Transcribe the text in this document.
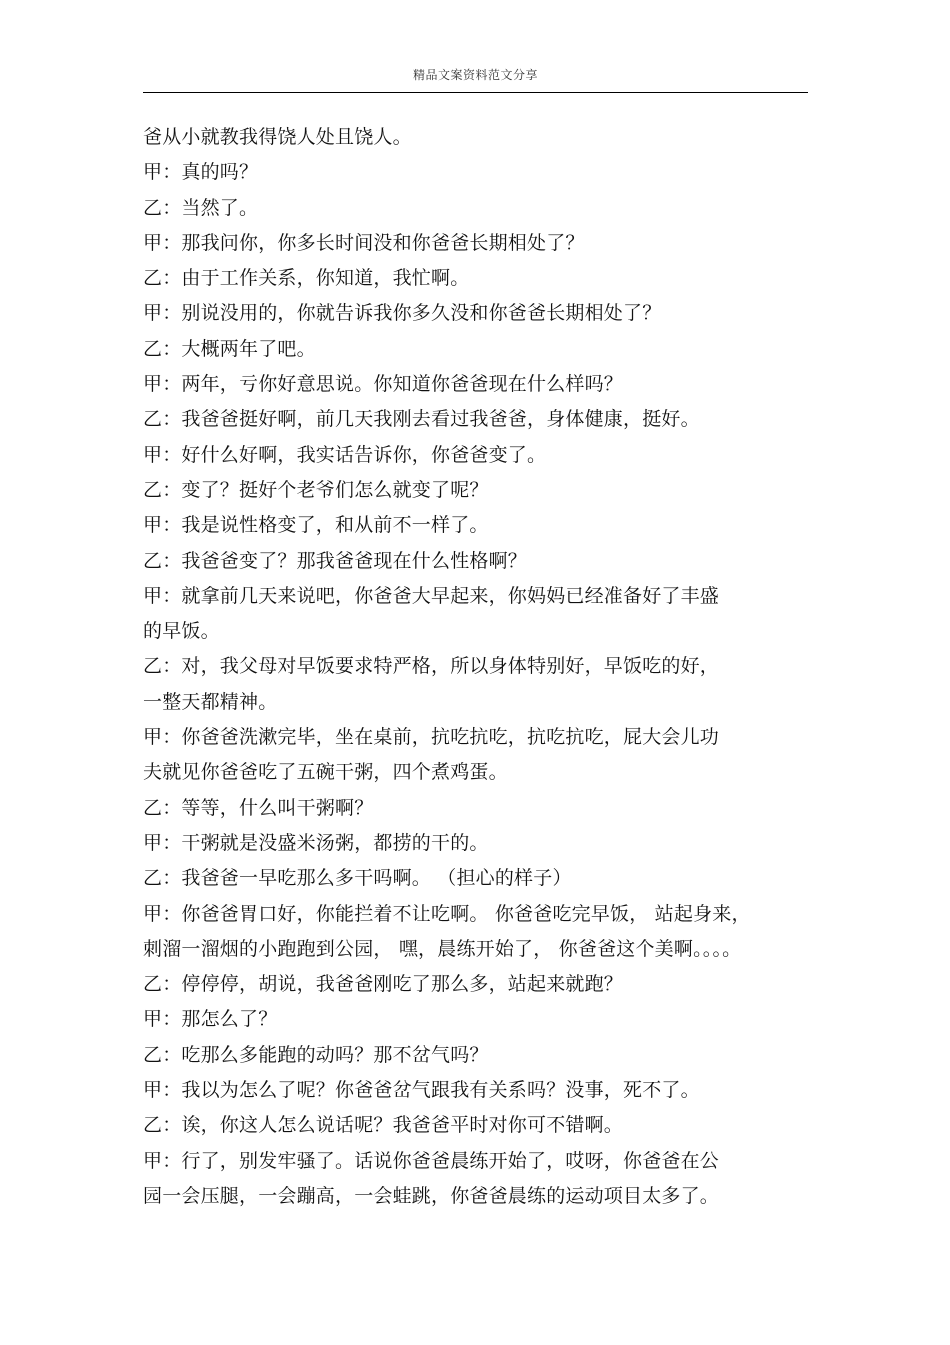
精品文案资料范文分享
爸从小就教我得饶人处且饶人。
甲：真的吗？
乙：当然了。
甲：那我问你，你多长时间没和你爸爸长期相处了？
乙：由于工作关系，你知道，我忙啊。
甲：别说没用的，你就告诉我你多久没和你爸爸长期相处了？
乙：大概两年了吧。
甲：两年，亏你好意思说。你知道你爸爸现在什么样吗？
乙：我爸爸挺好啊，前几天我刚去看过我爸爸，身体健康，挺好。
甲：好什么好啊，我实话告诉你，你爸爸变了。
乙：变了？挺好个老爷们怎么就变了呢？
甲：我是说性格变了，和从前不一样了。
乙：我爸爸变了？那我爸爸现在什么性格啊？
甲：就拿前几天来说吧，你爸爸大早起来，你妈妈已经准备好了丰盛
的早饭。
乙：对，我父母对早饭要求特严格，所以身体特别好，早饭吃的好，
一整天都精神。
甲：你爸爸洗漱完毕，坐在桌前，抗吃抗吃，抗吃抗吃，屁大会儿功
夫就见你爸爸吃了五碗干粥，四个煮鸡蛋。
乙：等等，什么叫干粥啊？
甲：干粥就是没盛米汤粥，都捞的干的。
乙：我爸爸一早吃那么多干吗啊。 （担心的样子）
甲：你爸爸胃口好，你能拦着不让吃啊。 你爸爸吃完早饭， 站起身来，
刺溜一溜烟的小跑跑到公园， 嘿，晨练开始了， 你爸爸这个美啊。。。。
乙：停停停，胡说，我爸爸刚吃了那么多，站起来就跑？
甲：那怎么了？
乙：吃那么多能跑的动吗？那不岔气吗？
甲：我以为怎么了呢？你爸爸岔气跟我有关系吗？没事，死不了。
乙：诶，你这人怎么说话呢？我爸爸平时对你可不错啊。
甲：行了，别发牢骚了。话说你爸爸晨练开始了，哎呀，你爸爸在公
园一会压腿，一会蹦高，一会蛙跳，你爸爸晨练的运动项目太多了。
